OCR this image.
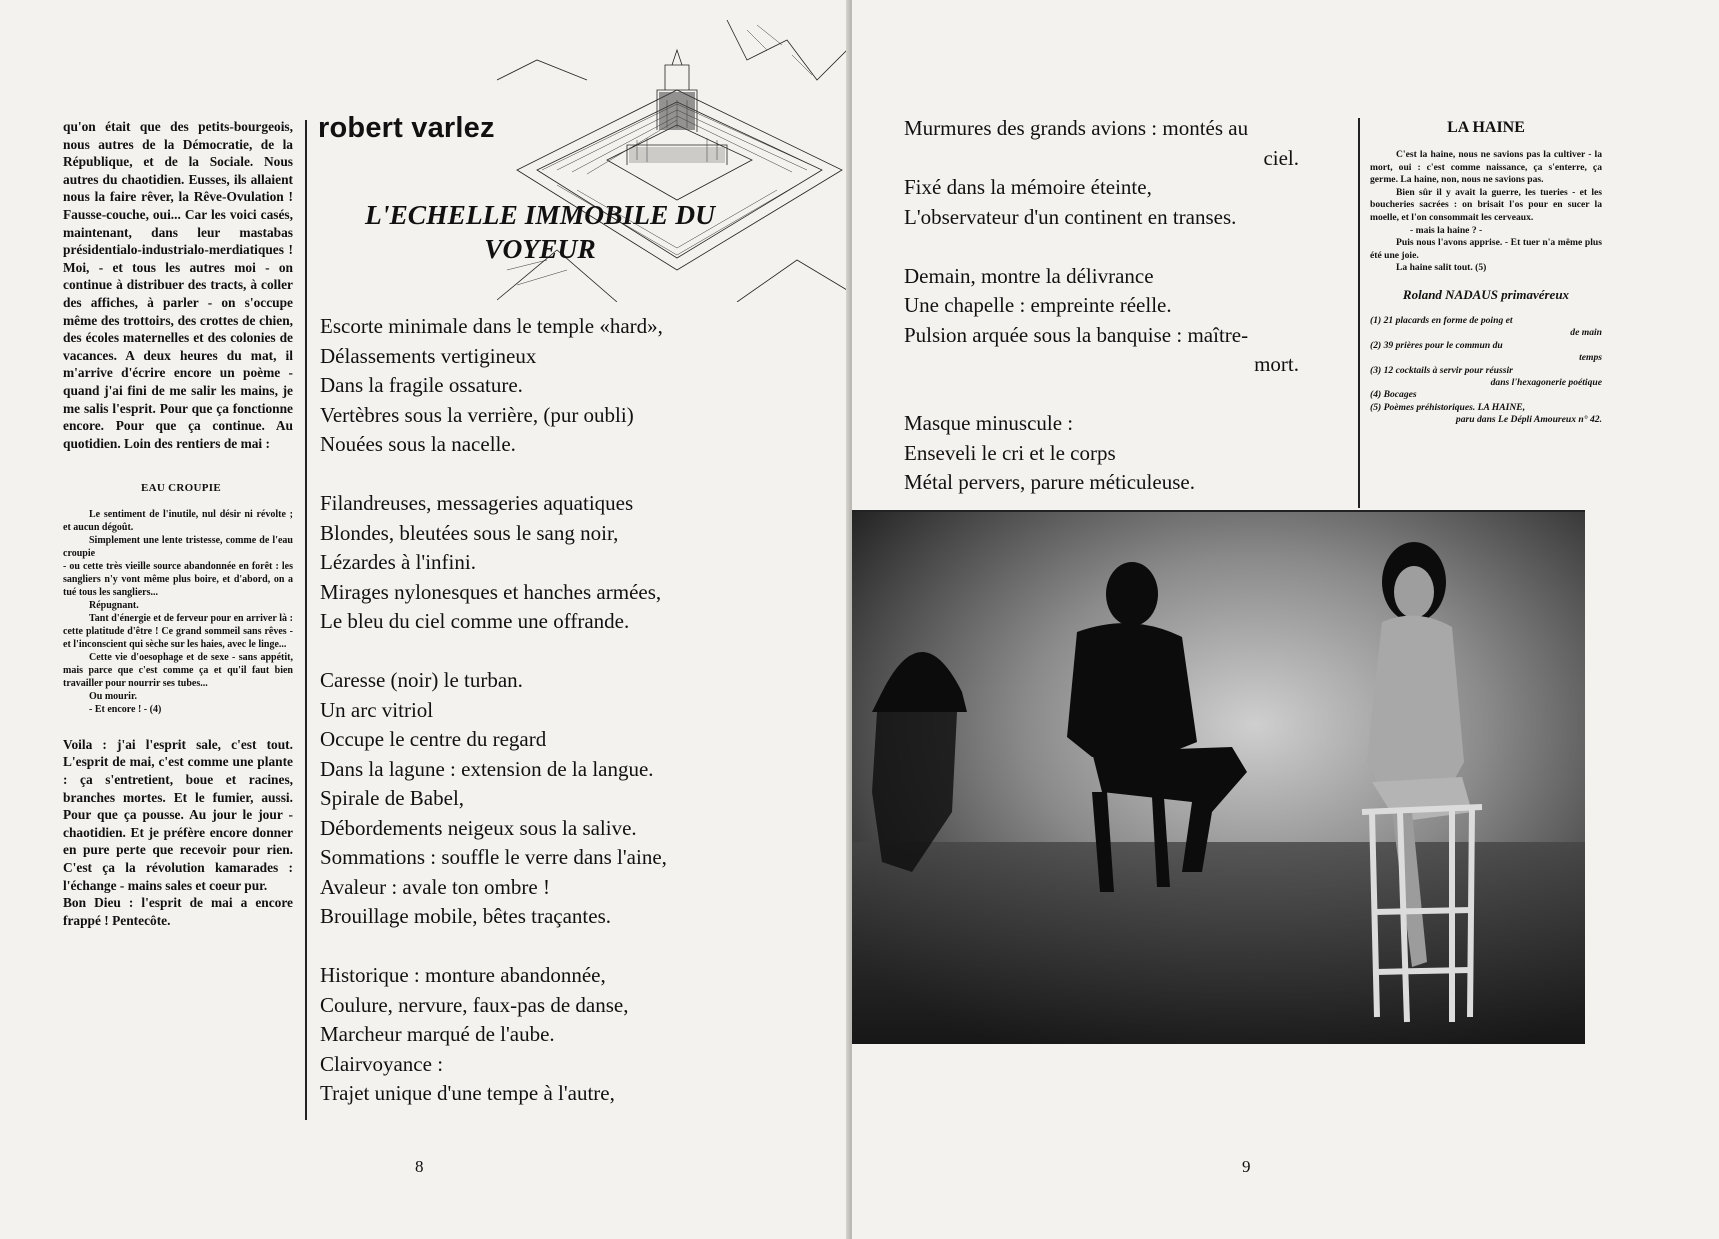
qu'on était que des petits-bourgeois, nous autres de la Démocratie, de la République, et de la Sociale. Nous autres du chaotidien. Eusses, ils allaient nous la faire rêver, la Rêve-Ovulation ! Fausse-couche, oui... Car les voici casés, maintenant, dans leur mastabas présidentialo-industrialo-merdiatiques ! Moi, - et tous les autres moi - on continue à distribuer des tracts, à coller des affiches, à parler - on s'occupe même des trottoirs, des crottes de chien, des écoles maternelles et des colonies de vacances. A deux heures du mat, il m'arrive d'écrire encore un poème - quand j'ai fini de me salir les mains, je me salis l'esprit. Pour que ça fonctionne encore. Pour que ça continue. Au quotidien. Loin des rentiers de mai :

EAU CROUPIE

Le sentiment de l'inutile, nul désir ni révolte ; et aucun dégoût.

Simplement une lente tristesse, comme de l'eau croupie

- ou cette très vieille source abandonnée en forêt : les sangliers n'y vont même plus boire, et d'abord, on a tué tous les sangliers...

Répugnant.

Tant d'énergie et de ferveur pour en arriver là : cette platitude d'être ! Ce grand sommeil sans rêves - et l'inconscient qui sèche sur les haies, avec le linge...

Cette vie d'oesophage et de sexe - sans appétit, mais parce que c'est comme ça et qu'il faut bien travailler pour nourrir ses tubes...

Ou mourir.

- Et encore ! - (4)

Voila : j'ai l'esprit sale, c'est tout. L'esprit de mai, c'est comme une plante : ça s'entretient, boue et racines, branches mortes. Et le fumier, aussi. Pour que ça pousse. Au jour le jour - chaotidien. Et je préfère encore donner en pure perte que recevoir pour rien. C'est ça la révolution kamarades : l'échange - mains sales et coeur pur.

Bon Dieu : l'esprit de mai a encore frappé ! Pentecôte.

robert varlez
L'ECHELLE IMMOBILE DU
VOYEUR
Escorte minimale dans le temple «hard»,
Délassements vertigineux
Dans la fragile ossature.
Vertèbres sous la verrière, (pur oubli)
Nouées sous la nacelle.
Filandreuses, messageries aquatiques
Blondes, bleutées sous le sang noir,
Lézardes à l'infini.
Mirages nylonesques et hanches armées,
Le bleu du ciel comme une offrande.
Caresse (noir) le turban.
Un arc vitriol
Occupe le centre du regard
Dans la lagune : extension de la langue.
Spirale de Babel,
Débordements neigeux sous la salive.
Sommations : souffle le verre dans l'aine,
Avaleur : avale ton ombre !
Brouillage mobile, bêtes traçantes.
Historique : monture abandonnée,
Coulure, nervure, faux-pas de danse,
Marcheur marqué de l'aube.
Clairvoyance :
Trajet unique d'une tempe à l'autre,
8
Murmures des grands avions : montés au
ciel.
Fixé dans la mémoire éteinte,
L'observateur d'un continent en transes.
Demain, montre la délivrance
Une chapelle : empreinte réelle.
Pulsion arquée sous la banquise : maître-
mort.
Masque minuscule :
Enseveli le cri et le corps
Métal pervers, parure méticuleuse.
LA HAINE

C'est la haine, nous ne savions pas la cultiver - la mort, oui : c'est comme naissance, ça s'enterre, ça germe. La haine, non, nous ne savions pas.

Bien sûr il y avait la guerre, les tueries - et les boucheries sacrées : on brisait l'os pour en sucer la moelle, et l'on consommait les cerveaux.

- mais la haine ? -

Puis nous l'avons apprise. - Et tuer n'a même plus été une joie.

La haine salit tout. (5)

Roland NADAUS primavéreux
(1) 21 placards en forme de poing et
de main
(2) 39 prières pour le commun du
temps
(3) 12 cocktails à servir pour réussir
dans l'hexagonerie poétique
(4) Bocages
(5) Poèmes préhistoriques. LA HAINE,
paru dans Le Dépli Amoureux n° 42.
9
